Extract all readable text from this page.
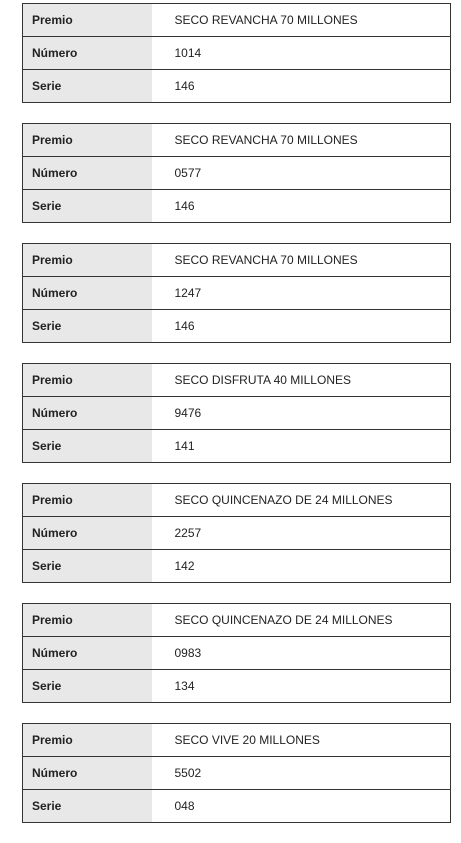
Premio	SECO REVANCHA 70 MILLONES
Número	1014
Serie	146
Premio	SECO REVANCHA 70 MILLONES
Número	0577
Serie	146
Premio	SECO REVANCHA 70 MILLONES
Número	1247
Serie	146
Premio	SECO DISFRUTA 40 MILLONES
Número	9476
Serie	141
Premio	SECO QUINCENAZO DE 24 MILLONES
Número	2257
Serie	142
Premio	SECO QUINCENAZO DE 24 MILLONES
Número	0983
Serie	134
Premio	SECO VIVE 20 MILLONES
Número	5502
Serie	048
